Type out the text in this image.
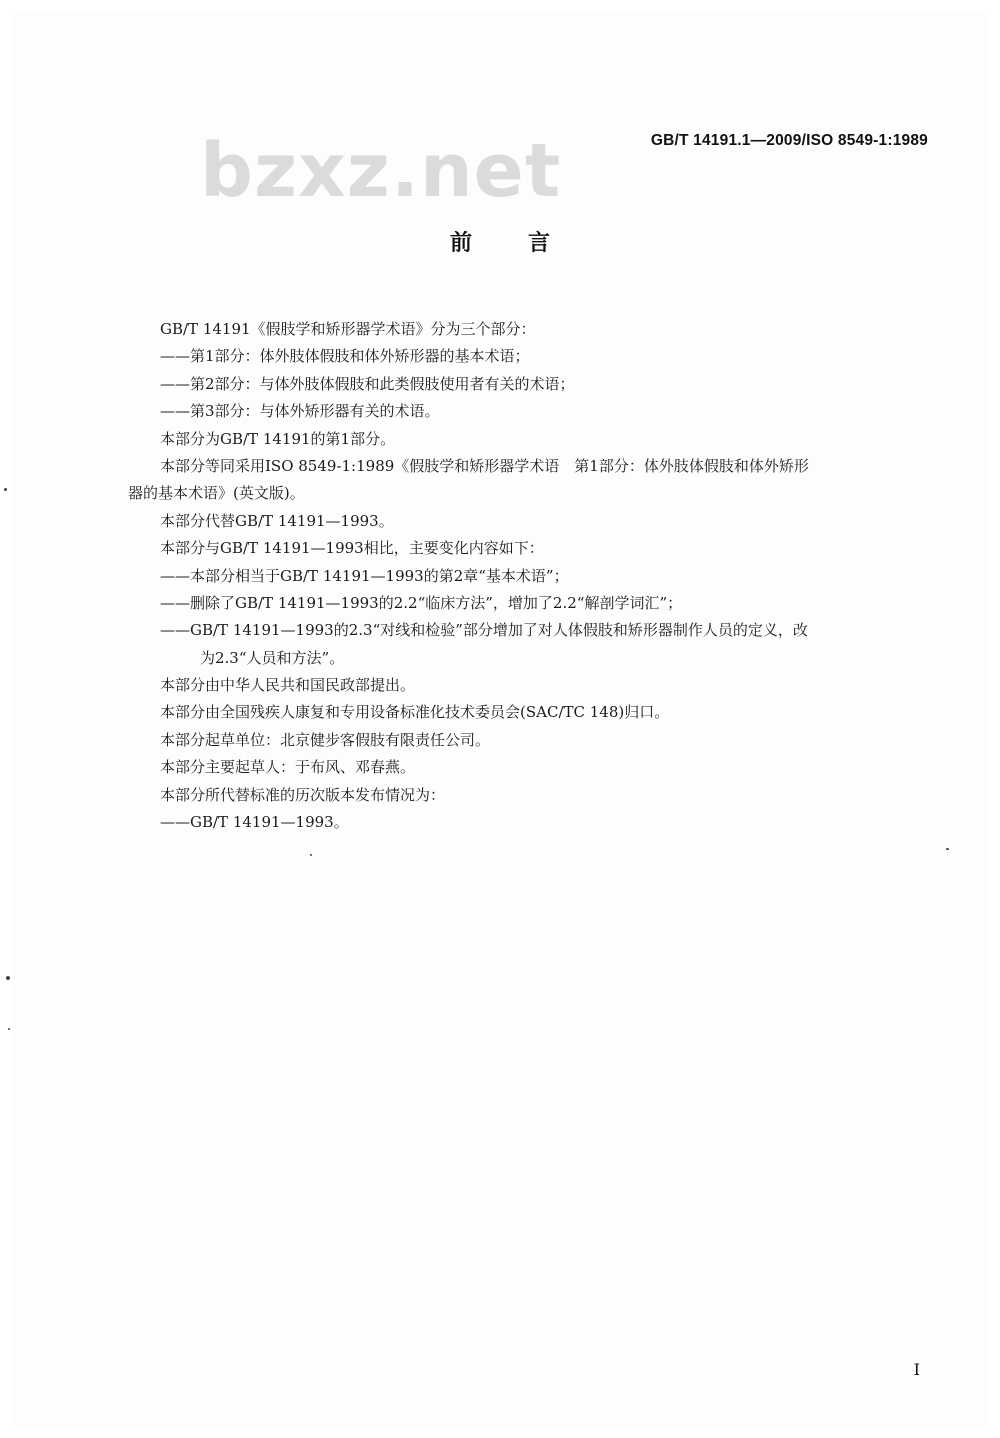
bzxz.net	GB/T 14191.1—2009/ISO 8549-1:1989
前言
GB/T 14191《假肢学和矫形器学术语》分为三个部分：
——第1部分：体外肢体假肢和体外矫形器的基本术语；
——第2部分：与体外肢体假肢和此类假肢使用者有关的术语；
——第3部分：与体外矫形器有关的术语。
本部分为GB/T 14191的第1部分。
本部分等同采用ISO 8549-1:1989《假肢学和矫形器学术语　第1部分：体外肢体假肢和体外矫形
器的基本术语》(英文版)。
本部分代替GB/T 14191—1993。
本部分与GB/T 14191—1993相比，主要变化内容如下：
——本部分相当于GB/T 14191—1993的第2章“基本术语”；
——删除了GB/T 14191—1993的2.2“临床方法”，增加了2.2“解剖学词汇”；
——GB/T 14191—1993的2.3“对线和检验”部分增加了对人体假肢和矫形器制作人员的定义，改
为2.3“人员和方法”。
本部分由中华人民共和国民政部提出。
本部分由全国残疾人康复和专用设备标准化技术委员会(SAC/TC 148)归口。
本部分起草单位：北京健步客假肢有限责任公司。
本部分主要起草人：于布风、邓春燕。
本部分所代替标准的历次版本发布情况为：
——GB/T 14191—1993。
I
